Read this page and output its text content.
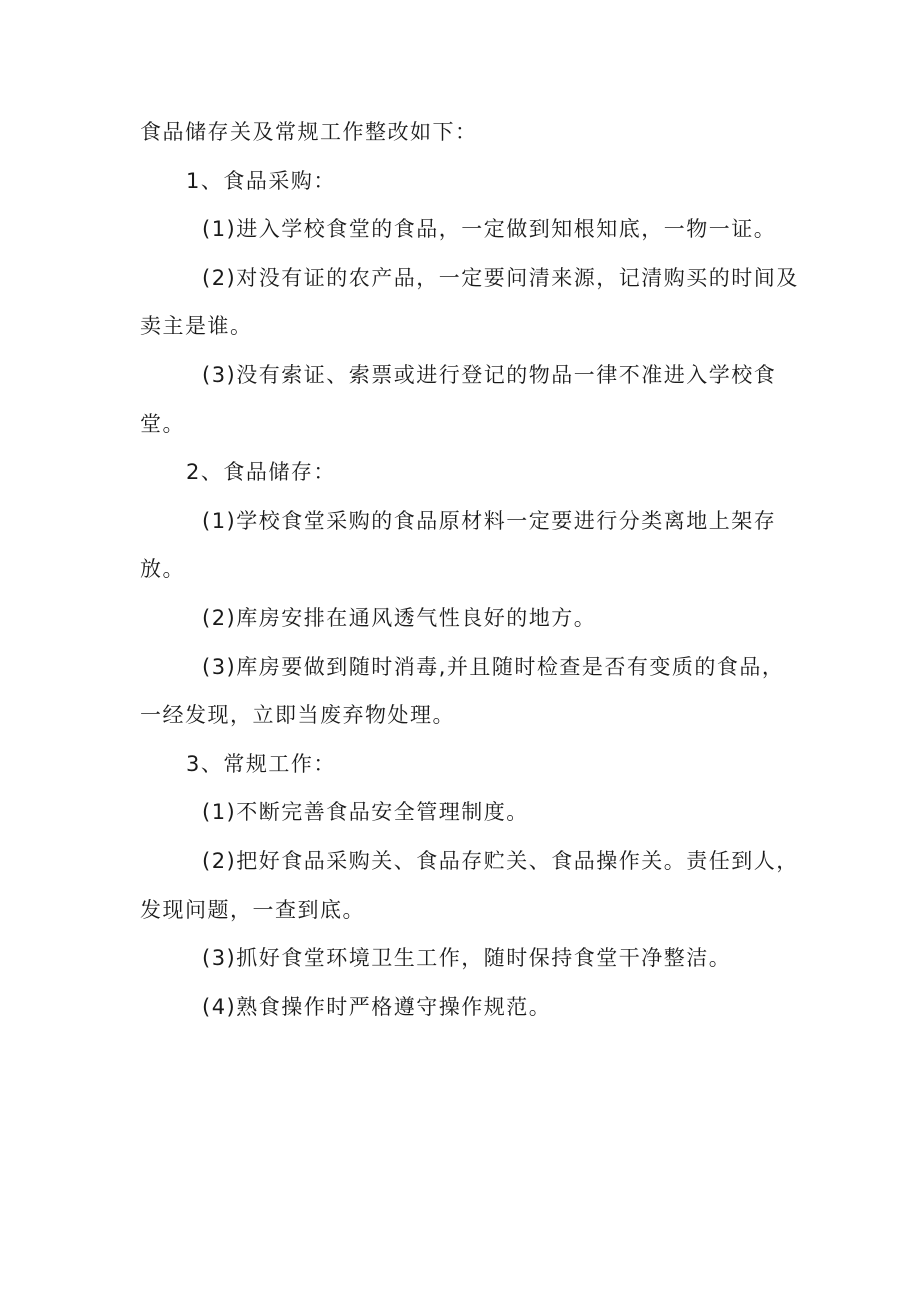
食品储存关及常规工作整改如下：

1、食品采购：

(1)进入学校食堂的食品，一定做到知根知底，一物一证。

(2)对没有证的农产品，一定要问清来源，记清购买的时间及卖主是谁。

(3)没有索证、索票或进行登记的物品一律不准进入学校食堂。

2、食品储存：

(1)学校食堂采购的食品原材料一定要进行分类离地上架存放。

(2)库房安排在通风透气性良好的地方。

(3)库房要做到随时消毒,并且随时检查是否有变质的食品，一经发现，立即当废弃物处理。

3、常规工作：

(1)不断完善食品安全管理制度。

(2)把好食品采购关、食品存贮关、食品操作关。责任到人，发现问题，一查到底。

(3)抓好食堂环境卫生工作，随时保持食堂干净整洁。

(4)熟食操作时严格遵守操作规范。
